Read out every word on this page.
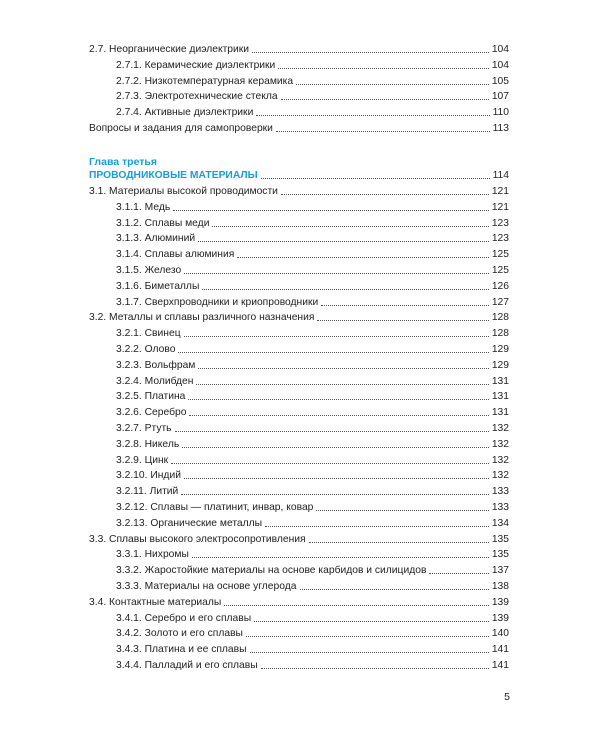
Глава третья
ПРОВОДНИКОВЫЕ МАТЕРИАЛЫ	114
2.7. Неорганические диэлектрики	104
2.7.1. Керамические диэлектрики	104
2.7.2. Низкотемпературная керамика	105
2.7.3. Электротехнические стекла	107
2.7.4. Активные диэлектрики	110
Вопросы и задания для самопроверки	113
3.1. Материалы высокой проводимости	121
3.1.1. Медь	121
3.1.2. Сплавы меди	123
3.1.3. Алюминий	123
3.1.4. Сплавы алюминия	125
3.1.5. Железо	125
3.1.6. Биметаллы	126
3.1.7. Сверхпроводники и криопроводники	127
3.2. Металлы и сплавы различного назначения	128
3.2.1. Свинец	128
3.2.2. Олово	129
3.2.3. Вольфрам	129
3.2.4. Молибден	131
3.2.5. Платина	131
3.2.6. Серебро	131
3.2.7. Ртуть	132
3.2.8. Никель	132
3.2.9. Цинк	132
3.2.10. Индий	132
3.2.11. Литий	133
3.2.12. Сплавы — платинит, инвар, ковар	133
3.2.13. Органические металлы	134
3.3. Сплавы высокого электросопротивления	135
3.3.1. Нихромы	135
3.3.2. Жаростойкие материалы на основе карбидов и силицидов	137
3.3.3. Материалы на основе углерода	138
3.4. Контактные материалы	139
3.4.1. Серебро и его сплавы	139
3.4.2. Золото и его сплавы	140
3.4.3. Платина и ее сплавы	141
3.4.4. Палладий и его сплавы	141
5
